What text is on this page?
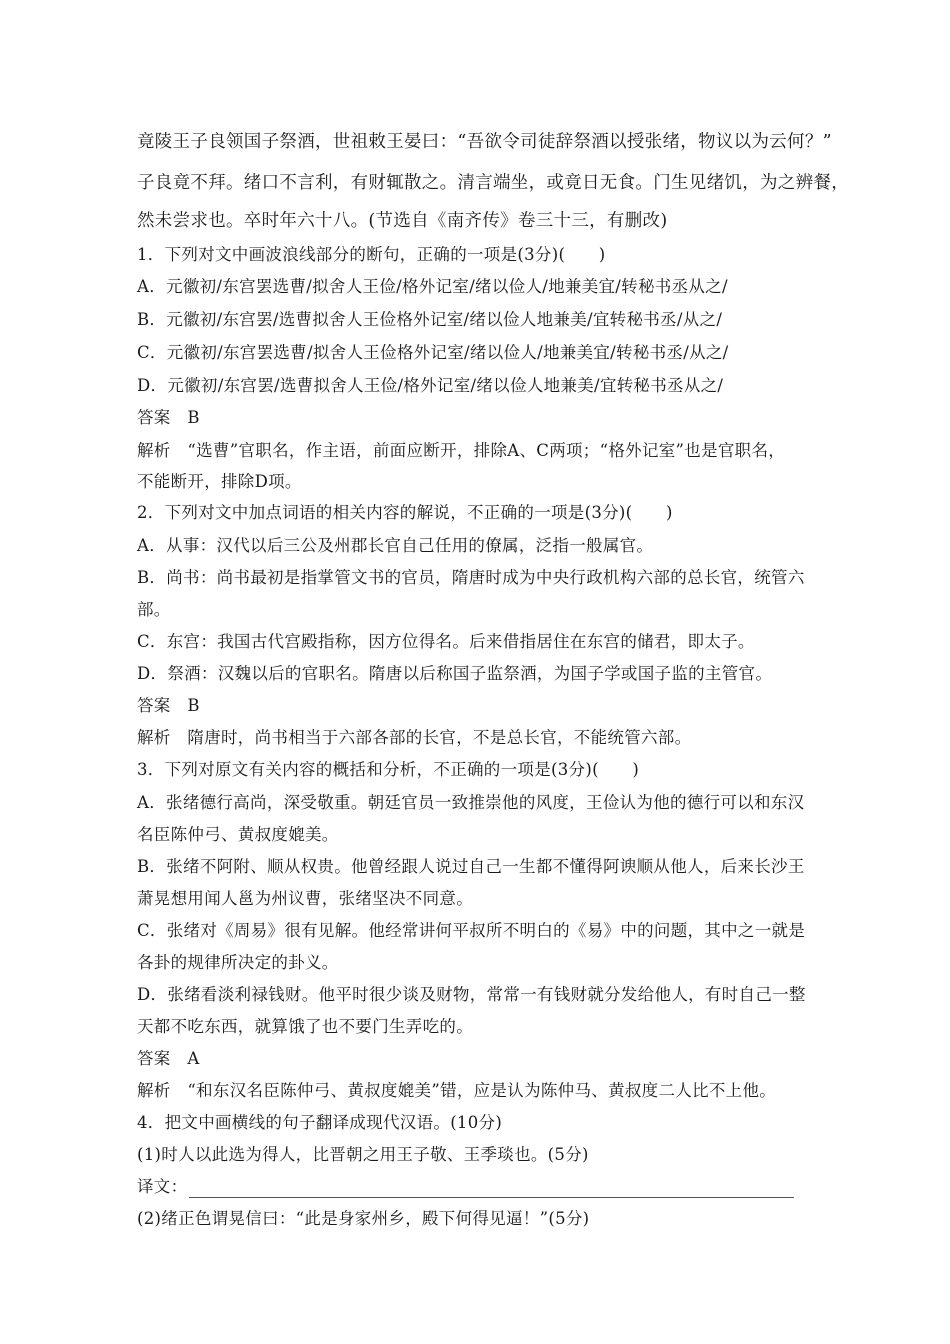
竟陵王子良领国子祭酒，世祖敕王晏曰：“吾欲令司徒辞祭酒以授张绪，物议以为云何？”
子良竟不拜。绪口不言利，有财辄散之。清言端坐，或竟日无食。门生见绪饥，为之辨餐，
然未尝求也。卒时年六十八。(节选自《南齐传》卷三十三，有删改)
1．下列对文中画波浪线部分的断句，正确的一项是(3分)(　　)
A．元徽初/东宫罢选曹/拟舍人王俭/格外记室/绪以俭人/地兼美宜/转秘书丞从之/
B．元徽初/东宫罢/选曹拟舍人王俭格外记室/绪以俭人地兼美/宜转秘书丞/从之/
C．元徽初/东宫罢选曹/拟舍人王俭格外记室/绪以俭人/地兼美宜/转秘书丞/从之/
D．元徽初/东宫罢/选曹拟舍人王俭/格外记室/绪以俭人地兼美/宜转秘书丞从之/
答案　B
解析　“选曹”官职名，作主语，前面应断开，排除A、C两项；“格外记室”也是官职名，
不能断开，排除D项。
2．下列对文中加点词语的相关内容的解说，不正确的一项是(3分)(　　)
A．从事：汉代以后三公及州郡长官自己任用的僚属，泛指一般属官。
B．尚书：尚书最初是指掌管文书的官员，隋唐时成为中央行政机构六部的总长官，统管六
部。
C．东宫：我国古代宫殿指称，因方位得名。后来借指居住在东宫的储君，即太子。
D．祭酒：汉魏以后的官职名。隋唐以后称国子监祭酒，为国子学或国子监的主管官。
答案　B
解析　隋唐时，尚书相当于六部各部的长官，不是总长官，不能统管六部。
3．下列对原文有关内容的概括和分析，不正确的一项是(3分)(　　)
A．张绪德行高尚，深受敬重。朝廷官员一致推崇他的风度，王俭认为他的德行可以和东汉
名臣陈仲弓、黄叔度媲美。
B．张绪不阿附、顺从权贵。他曾经跟人说过自己一生都不懂得阿谀顺从他人，后来长沙王
萧晃想用闻人邕为州议曹，张绪坚决不同意。
C．张绪对《周易》很有见解。他经常讲何平叔所不明白的《易》中的问题，其中之一就是
各卦的规律所决定的卦义。
D．张绪看淡利禄钱财。他平时很少谈及财物，常常一有钱财就分发给他人，有时自己一整
天都不吃东西，就算饿了也不要门生弄吃的。
答案　A
解析　“和东汉名臣陈仲弓、黄叔度媲美”错，应是认为陈仲马、黄叔度二人比不上他。
4．把文中画横线的句子翻译成现代汉语。(10分)
(1)时人以此选为得人，比晋朝之用王子敬、王季琰也。(5分)
译文：
(2)绪正色谓晃信曰：“此是身家州乡，殿下何得见逼！”(5分)
